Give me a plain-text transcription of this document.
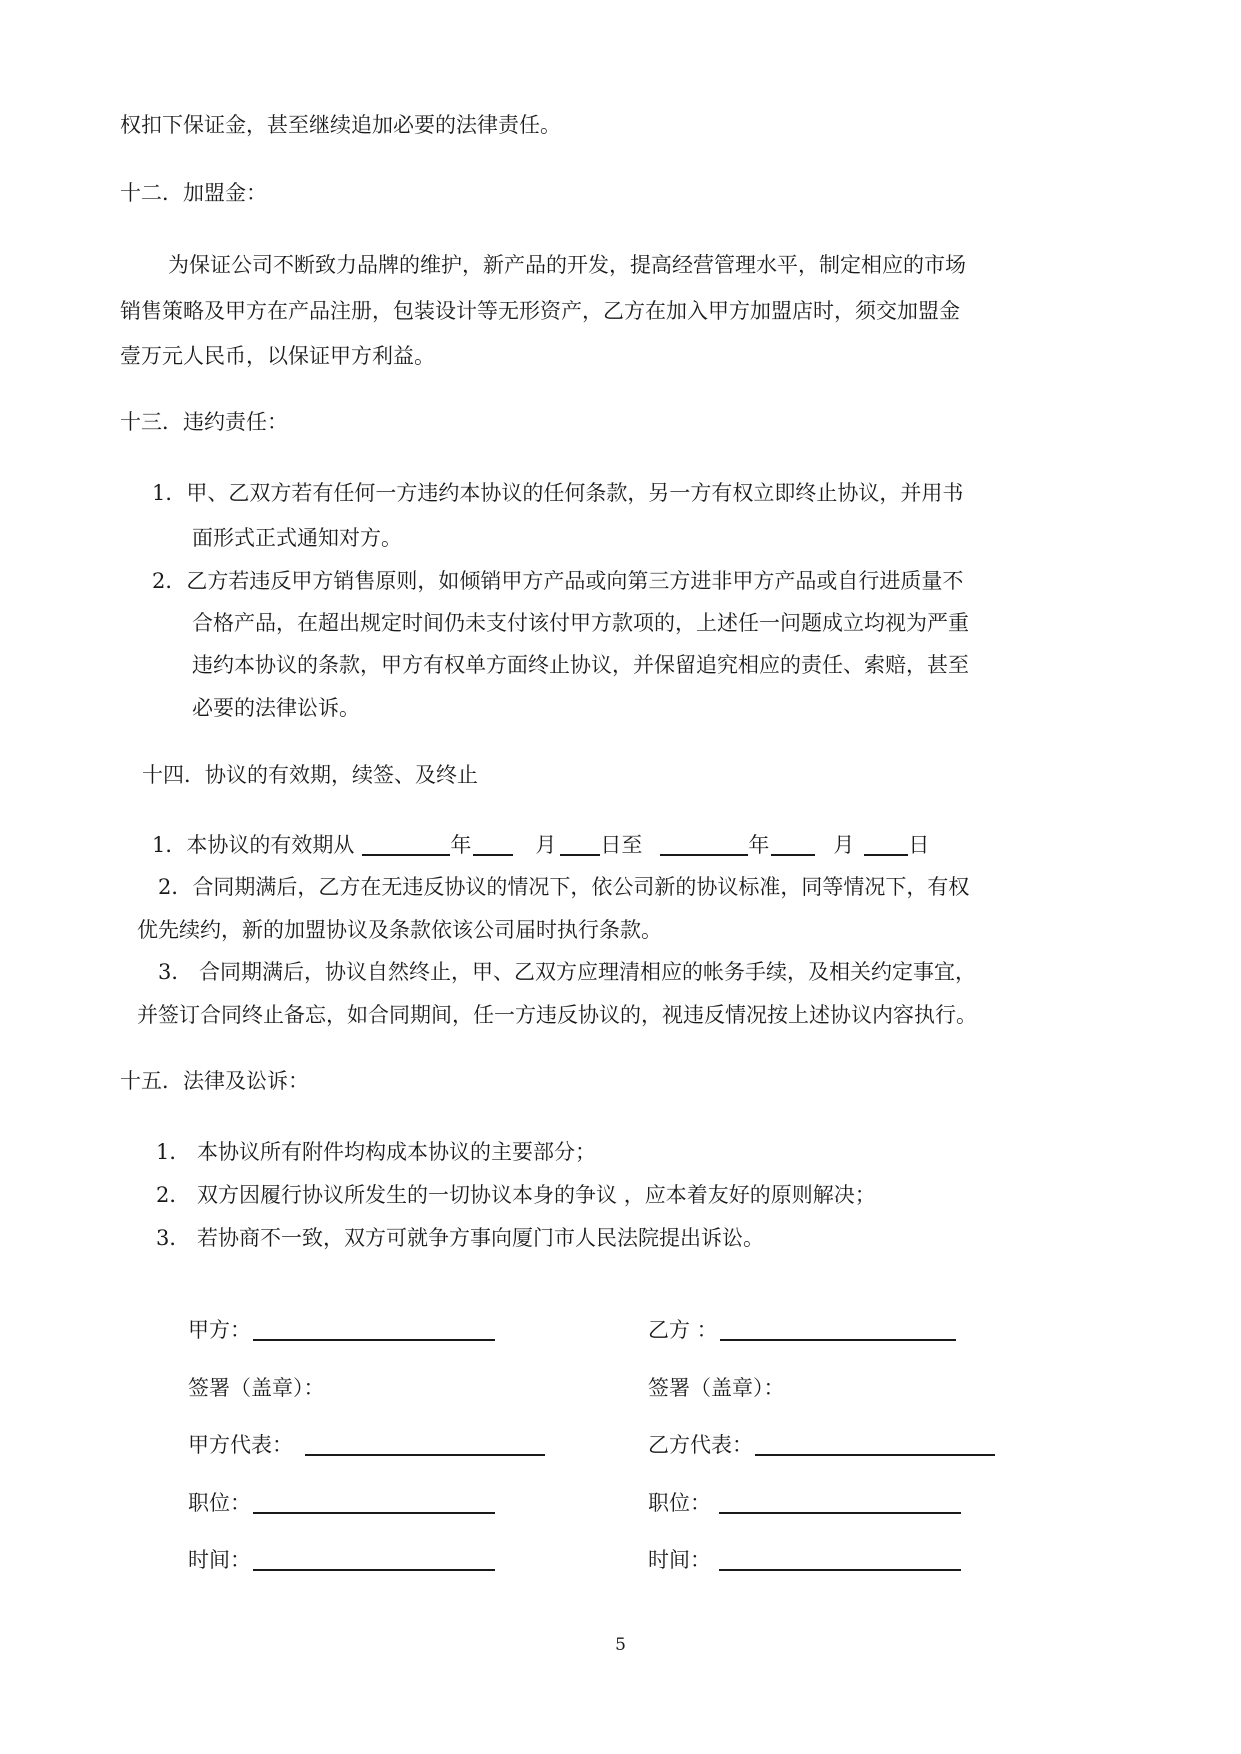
权扣下保证金，甚至继续追加必要的法律责任。
十二．加盟金：
为保证公司不断致力品牌的维护，新产品的开发，提高经营管理水平，制定相应的市场
销售策略及甲方在产品注册，包装设计等无形资产，乙方在加入甲方加盟店时，须交加盟金
壹万元人民币，以保证甲方利益。
十三．违约责任：
1．甲、乙双方若有任何一方违约本协议的任何条款，另一方有权立即终止协议，并用书
面形式正式通知对方。
2．乙方若违反甲方销售原则，如倾销甲方产品或向第三方进非甲方产品或自行进质量不
合格产品，在超出规定时间仍未支付该付甲方款项的，上述任一问题成立均视为严重
违约本协议的条款，甲方有权单方面终止协议，并保留追究相应的责任、索赔，甚至
必要的法律讼诉。
十四．协议的有效期，续签、及终止
1．本协议的有效期从	年	月 日至	年	月	日
2．合同期满后，乙方在无违反协议的情况下，依公司新的协议标准，同等情况下，有权
优先续约，新的加盟协议及条款依该公司届时执行条款。
3． 合同期满后，协议自然终止，甲、乙双方应理清相应的帐务手续，及相关约定事宜，
并签订合同终止备忘，如合同期间，任一方违反协议的，视违反情况按上述协议内容执行。
十五．法律及讼诉：
1． 本协议所有附件均构成本协议的主要部分；
2． 双方因履行协议所发生的一切协议本身的争议 ，应本着友好的原则解决；
3． 若协商不一致，双方可就争方事向厦门市人民法院提出诉讼。
甲方：	乙方 ：
签署（盖章）：	签署（盖章）：
甲方代表：	乙方代表：
职位：	职位：
时间：	时间：
5
